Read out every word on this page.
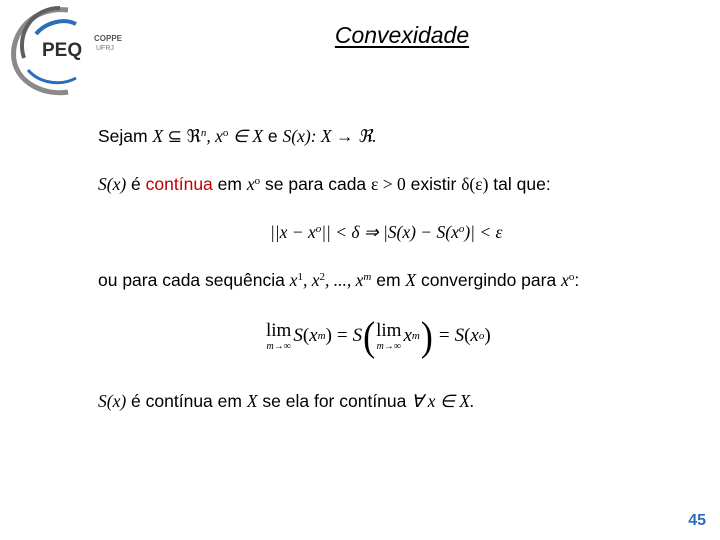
PEQ
COPPE
UFRJ
Convexidade
Sejam X ⊆ ℜ$^n$, $x^o$ ∈ X e S(x): X → ℜ.
S(x) é contínua em $x^o$ se para cada ε > 0 existir δ(ε) tal que:
$||x - x^o|| < \delta$ ⇒ $|S(x) - S(x^o)| < \varepsilon$
ou para cada sequência $x^1$, $x^2$, ..., $x^m$ em X convergindo para $x^o$:
lim
m→∞ S ( x m ) = S ( lim
m→∞ x m ) = S ( x o )
S(x) é contínua em X se ela for contínua ∀ x ∈ X.
45
